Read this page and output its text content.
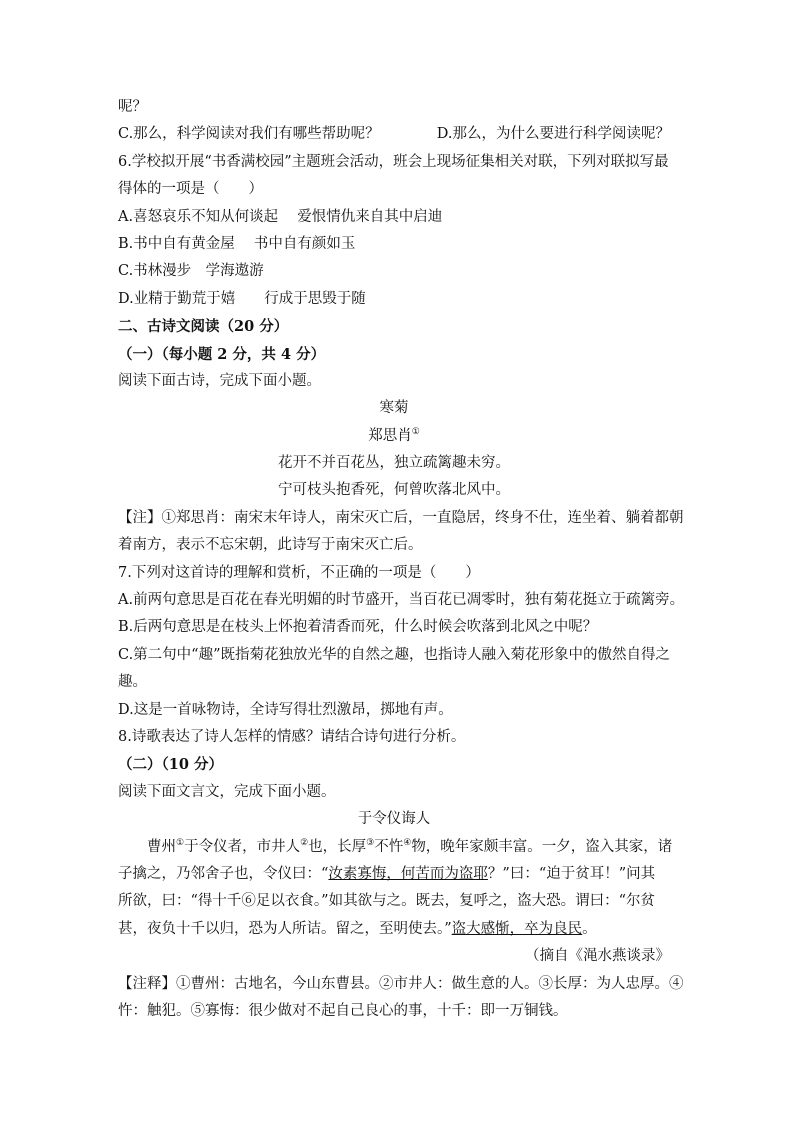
呢？
C.那么，科学阅读对我们有哪些帮助呢？	D.那么，为什么要进行科学阅读呢？
6.学校拟开展“书香满校园”主题班会活动，班会上现场征集相关对联，下列对联拟写最
得体的一项是（　　）
A.喜怒哀乐不知从何谈起　 爱恨情仇来自其中启迪
B.书中自有黄金屋　 书中自有颜如玉
C.书林漫步　学海遨游
D.业精于勤荒于嬉　　行成于思毁于随
二、古诗文阅读（20 分）
（一）（每小题 2 分，共 4 分）
阅读下面古诗，完成下面小题。
寒菊
郑思肖①
花开不并百花丛，独立疏篱趣未穷。
宁可枝头抱香死，何曾吹落北风中。
【注】①郑思肖：南宋末年诗人，南宋灭亡后，一直隐居，终身不仕，连坐着、躺着都朝
着南方，表示不忘宋朝，此诗写于南宋灭亡后。
7.下列对这首诗的理解和赏析，不正确的一项是（　　）
A.前两句意思是百花在春光明媚的时节盛开，当百花已凋零时，独有菊花挺立于疏篱旁。
B.后两句意思是在枝头上怀抱着清香而死，什么时候会吹落到北风之中呢？
C.第二句中“趣”既指菊花独放光华的自然之趣，也指诗人融入菊花形象中的傲然自得之
趣。
D.这是一首咏物诗，全诗写得壮烈激昂，掷地有声。
8.诗歌表达了诗人怎样的情感？请结合诗句进行分析。
（二）（10 分）
阅读下面文言文，完成下面小题。
于令仪诲人
曹州①于令仪者，市井人②也，长厚③不忤④物，晚年家颇丰富。一夕，盗入其家，诸
子擒之，乃邻舍子也，令仪曰：“汝素寡悔，何苦而为盗耶？”曰：“迫于贫耳！”问其
所欲，曰：“得十千⑥足以衣食。”如其欲与之。既去，复呼之，盗大恐。谓曰：“尔贫
甚，夜负十千以归，恐为人所诘。留之，至明使去。”盗大感惭，卒为良民。
（摘自《渑水燕谈录》
【注释】①曹州：古地名，今山东曹县。②市井人：做生意的人。③长厚：为人忠厚。④
忤：触犯。⑤寡悔：很少做对不起自己良心的事，十千：即一万铜钱。
